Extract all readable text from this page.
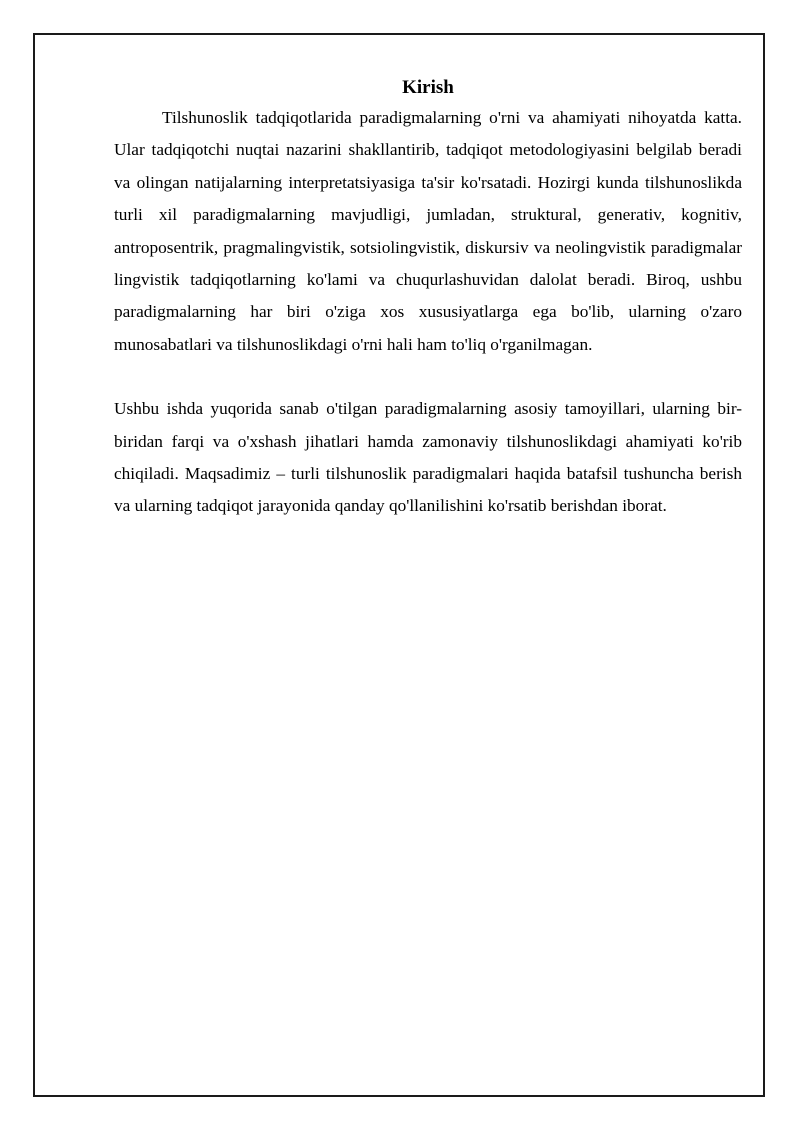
Kirish

Tilshunoslik tadqiqotlarida paradigmalarning o'rni va ahamiyati nihoyatda katta. Ular tadqiqotchi nuqtai nazarini shakllantirib, tadqiqot metodologiyasini belgilab beradi va olingan natijalarning interpretatsiyasiga ta'sir ko'rsatadi. Hozirgi kunda tilshunoslikda turli xil paradigmalarning mavjudligi, jumladan, struktural, generativ, kognitiv, antroposentrik, pragmalingvistik, sotsiolingvistik, diskursiv va neolingvistik paradigmalar lingvistik tadqiqotlarning ko'lami va chuqurlashuvidan dalolat beradi. Biroq, ushbu paradigmalarning har biri o'ziga xos xususiyatlarga ega bo'lib, ularning o'zaro munosabatlari va tilshunoslikdagi o'rni hali ham to'liq o'rganilmagan.

Ushbu ishda yuqorida sanab o'tilgan paradigmalarning asosiy tamoyillari, ularning bir-biridan farqi va o'xshash jihatlari hamda zamonaviy tilshunoslikdagi ahamiyati ko'rib chiqiladi. Maqsadimiz – turli tilshunoslik paradigmalari haqida batafsil tushuncha berish va ularning tadqiqot jarayonida qanday qo'llanilishini ko'rsatib berishdan iborat.
